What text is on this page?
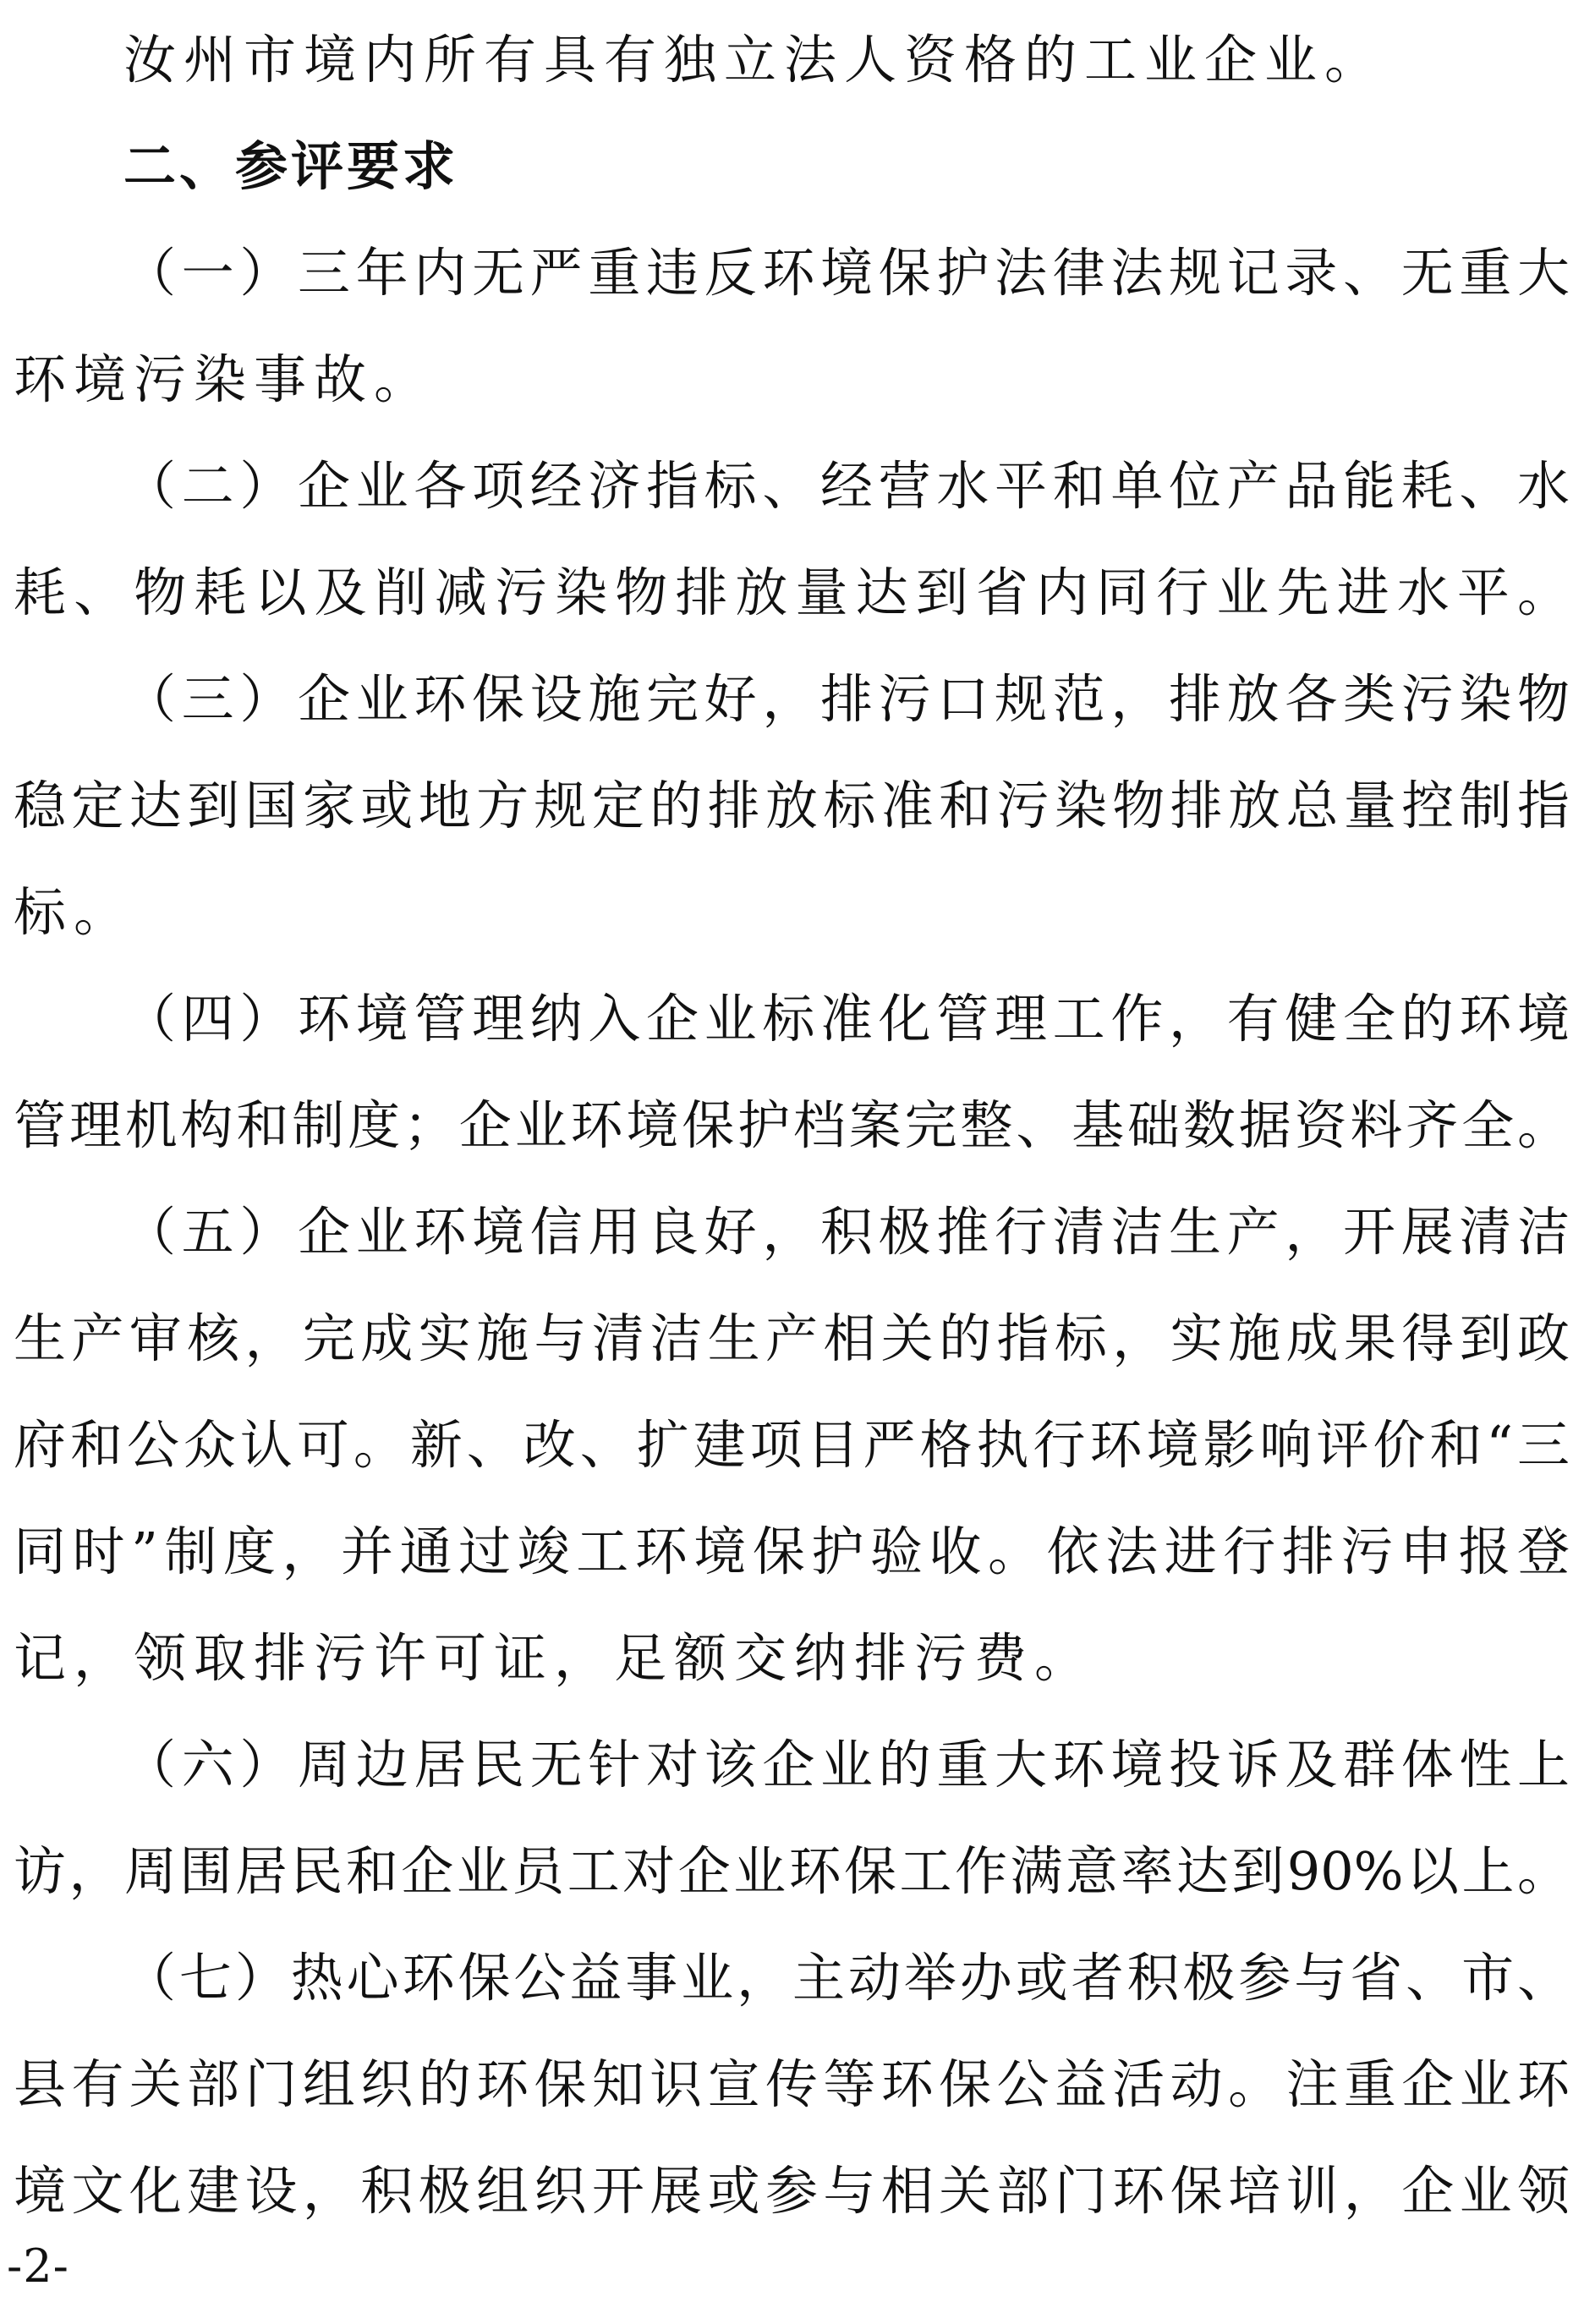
汝州市境内所有具有独立法人资格的工业企业。
二、参评要求
（一）三年内无严重违反环境保护法律法规记录、无重大
环境污染事故。
（二）企业各项经济指标、经营水平和单位产品能耗、水
耗、物耗以及削减污染物排放量达到省内同行业先进水平。
（三）企业环保设施完好，排污口规范，排放各类污染物
稳定达到国家或地方规定的排放标准和污染物排放总量控制指
标。
（四）环境管理纳入企业标准化管理工作，有健全的环境
管理机构和制度；企业环境保护档案完整、基础数据资料齐全。
（五）企业环境信用良好，积极推行清洁生产，开展清洁
生产审核，完成实施与清洁生产相关的指标，实施成果得到政
府和公众认可。新、改、扩建项目严格执行环境影响评价和“三
同时”制度，并通过竣工环境保护验收。依法进行排污申报登
记，领取排污许可证，足额交纳排污费。
（六）周边居民无针对该企业的重大环境投诉及群体性上
访，周围居民和企业员工对企业环保工作满意率达到90%以上。
（七）热心环保公益事业，主动举办或者积极参与省、市、
县有关部门组织的环保知识宣传等环保公益活动。注重企业环
境文化建设，积极组织开展或参与相关部门环保培训，企业领
-2-
